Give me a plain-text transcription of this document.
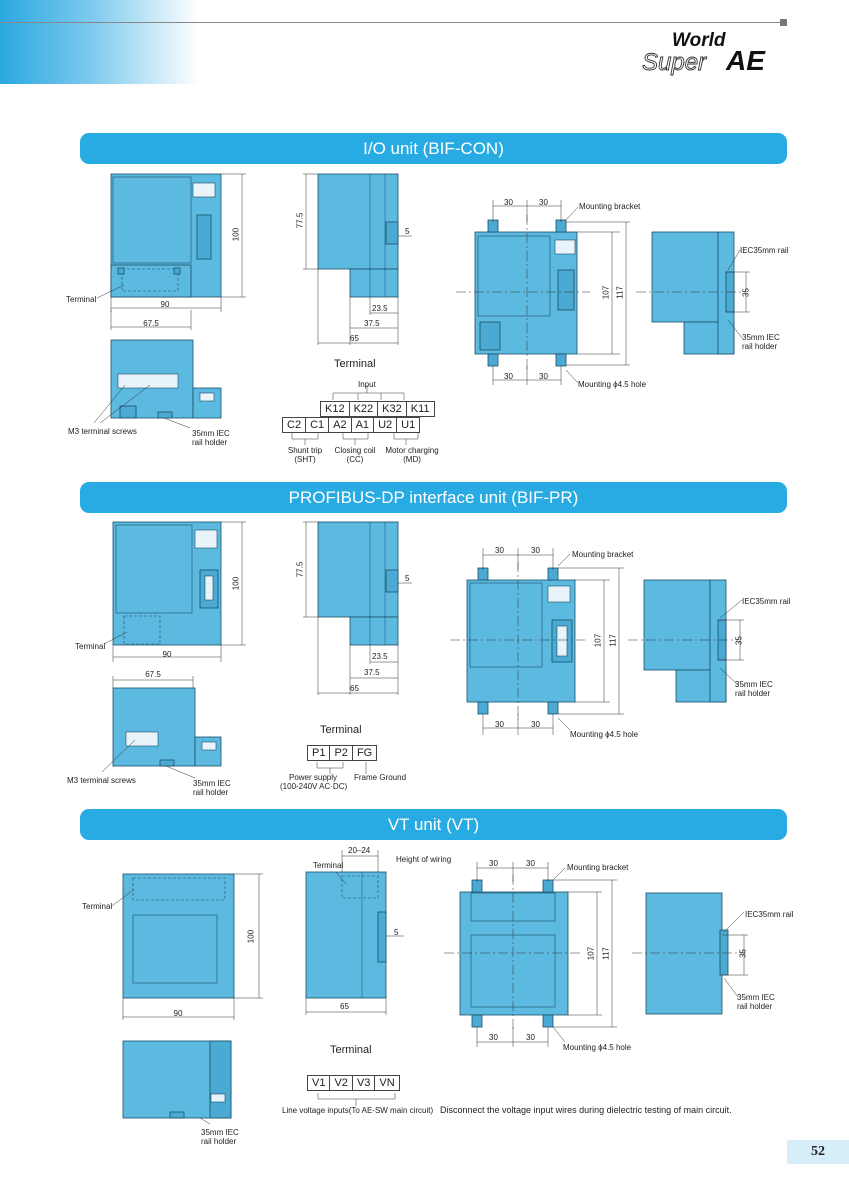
World
Super AE
I/O unit (BIF-CON)
PROFIBUS-DP interface unit (BIF-PR)
VT unit (VT)
Terminal
90
67.5
100
M3 terminal screws	35mm IEC
rail holder
77.5
5
23.5
37.5
65
30	30
30	30
Mounting bracket
Mounting ϕ4.5 hole
107 117
IEC35mm rail
35
35mm IEC
rail holder
Terminal
Input
K12	K22	K32	K11
C2	C1	A2	A1	U2	U1
Shunt trip
(SHT)
Closing coil
(CC)
Motor charging
(MD)
Terminal
90
67.5
100
M3 terminal screws	35mm IEC
rail holder
77.5
5
23.5
37.5
65
30	30
30	30
Mounting bracket
Mounting ϕ4.5 hole
107 117
IEC35mm rail
35
35mm IEC
rail holder
Terminal
P1	P2	FG
Power supply
(100-240V AC·DC)
Frame Ground
Terminal
100
90
35mm IEC
rail holder
20–24
Height of wiring
Terminal
5
65
30	30
30	30
Mounting bracket
Mounting ϕ4.5 hole
107 117
IEC35mm rail
35
35mm IEC
rail holder
Terminal
V1	V2	V3	VN
Line voltage inputs(To AE-SW main circuit) Disconnect the voltage input wires during dielectric testing of main circuit.
52
